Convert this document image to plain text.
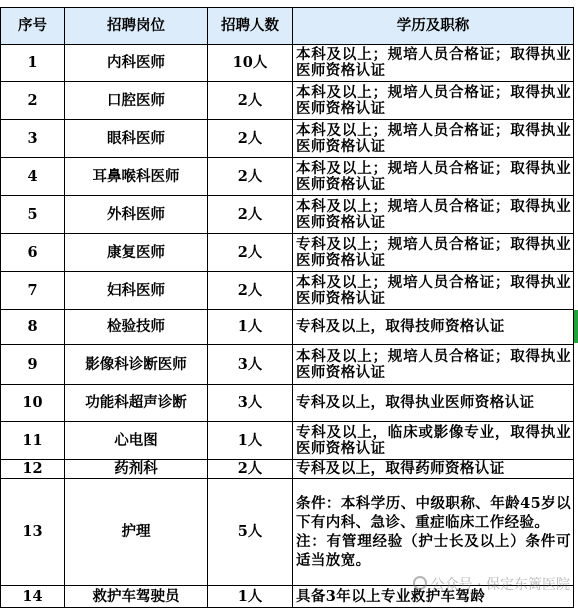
序号	招聘岗位	招聘人数	学历及职称
1	内科医师	10人	本科及以上；规培人员合格证；取得执业医师资格认证

2	口腔医师	2人	本科及以上；规培人员合格证；取得执业医师资格认证

3	眼科医师	2人	本科及以上；规培人员合格证；取得执业医师资格认证

4	耳鼻喉科医师	2人	本科及以上；规培人员合格证；取得执业医师资格认证

5	外科医师	2人	本科及以上；规培人员合格证；取得执业医师资格认证

6	康复医师	2人	专科及以上；规培人员合格证；取得执业医师资格认证

7	妇科医师	2人	本科及以上；规培人员合格证；取得执业医师资格认证

8	检验技师	1人	专科及以上，取得技师资格认证

9	影像科诊断医师	3人	本科及以上；规培人员合格证；取得执业医师资格认证

10	功能科超声诊断	3人	专科及以上，取得执业医师资格认证

11	心电图	1人	专科及以上，临床或影像专业，取得执业医师资格认证

12	药剂科	2人	专科及以上，取得药师资格认证

13	护理	5人	条件：本科学历、中级职称、年龄45岁以下有内科、急诊、重症临床工作经验。

注：有管理经验（护士长及以上）条件可适当放宽。

14	救护车驾驶员	1人	具备3年以上专业救护车驾龄

公众号 · 保定东篱医院
